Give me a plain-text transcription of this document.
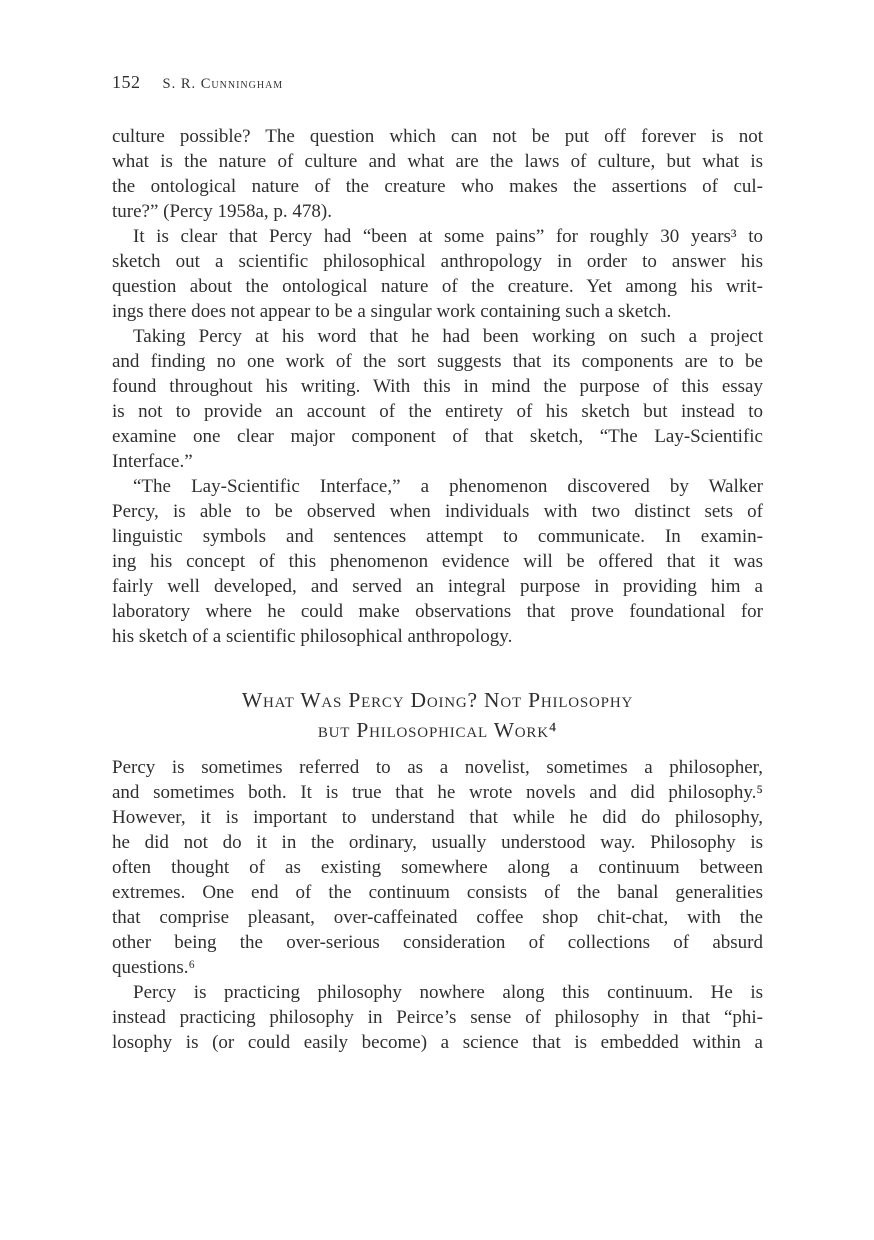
152 S. R. Cunningham
culture possible? The question which can not be put off forever is not
what is the nature of culture and what are the laws of culture, but what is
the ontological nature of the creature who makes the assertions of cul-
ture?” (Percy 1958a, p. 478).
It is clear that Percy had “been at some pains” for roughly 30 years³ to
sketch out a scientific philosophical anthropology in order to answer his
question about the ontological nature of the creature. Yet among his writ-
ings there does not appear to be a singular work containing such a sketch.
Taking Percy at his word that he had been working on such a project
and finding no one work of the sort suggests that its components are to be
found throughout his writing. With this in mind the purpose of this essay
is not to provide an account of the entirety of his sketch but instead to
examine one clear major component of that sketch, “The Lay-Scientific
Interface.”
“The Lay-Scientific Interface,” a phenomenon discovered by Walker
Percy, is able to be observed when individuals with two distinct sets of
linguistic symbols and sentences attempt to communicate. In examin-
ing his concept of this phenomenon evidence will be offered that it was
fairly well developed, and served an integral purpose in providing him a
laboratory where he could make observations that prove foundational for
his sketch of a scientific philosophical anthropology.
What Was Percy Doing? Not Philosophy
but Philosophical Work⁴
Percy is sometimes referred to as a novelist, sometimes a philosopher,
and sometimes both. It is true that he wrote novels and did philosophy.⁵
However, it is important to understand that while he did do philosophy,
he did not do it in the ordinary, usually understood way. Philosophy is
often thought of as existing somewhere along a continuum between
extremes. One end of the continuum consists of the banal generalities
that comprise pleasant, over-caffeinated coffee shop chit-chat, with the
other being the over-serious consideration of collections of absurd
questions.⁶
Percy is practicing philosophy nowhere along this continuum. He is
instead practicing philosophy in Peirce’s sense of philosophy in that “phi-
losophy is (or could easily become) a science that is embedded within a
